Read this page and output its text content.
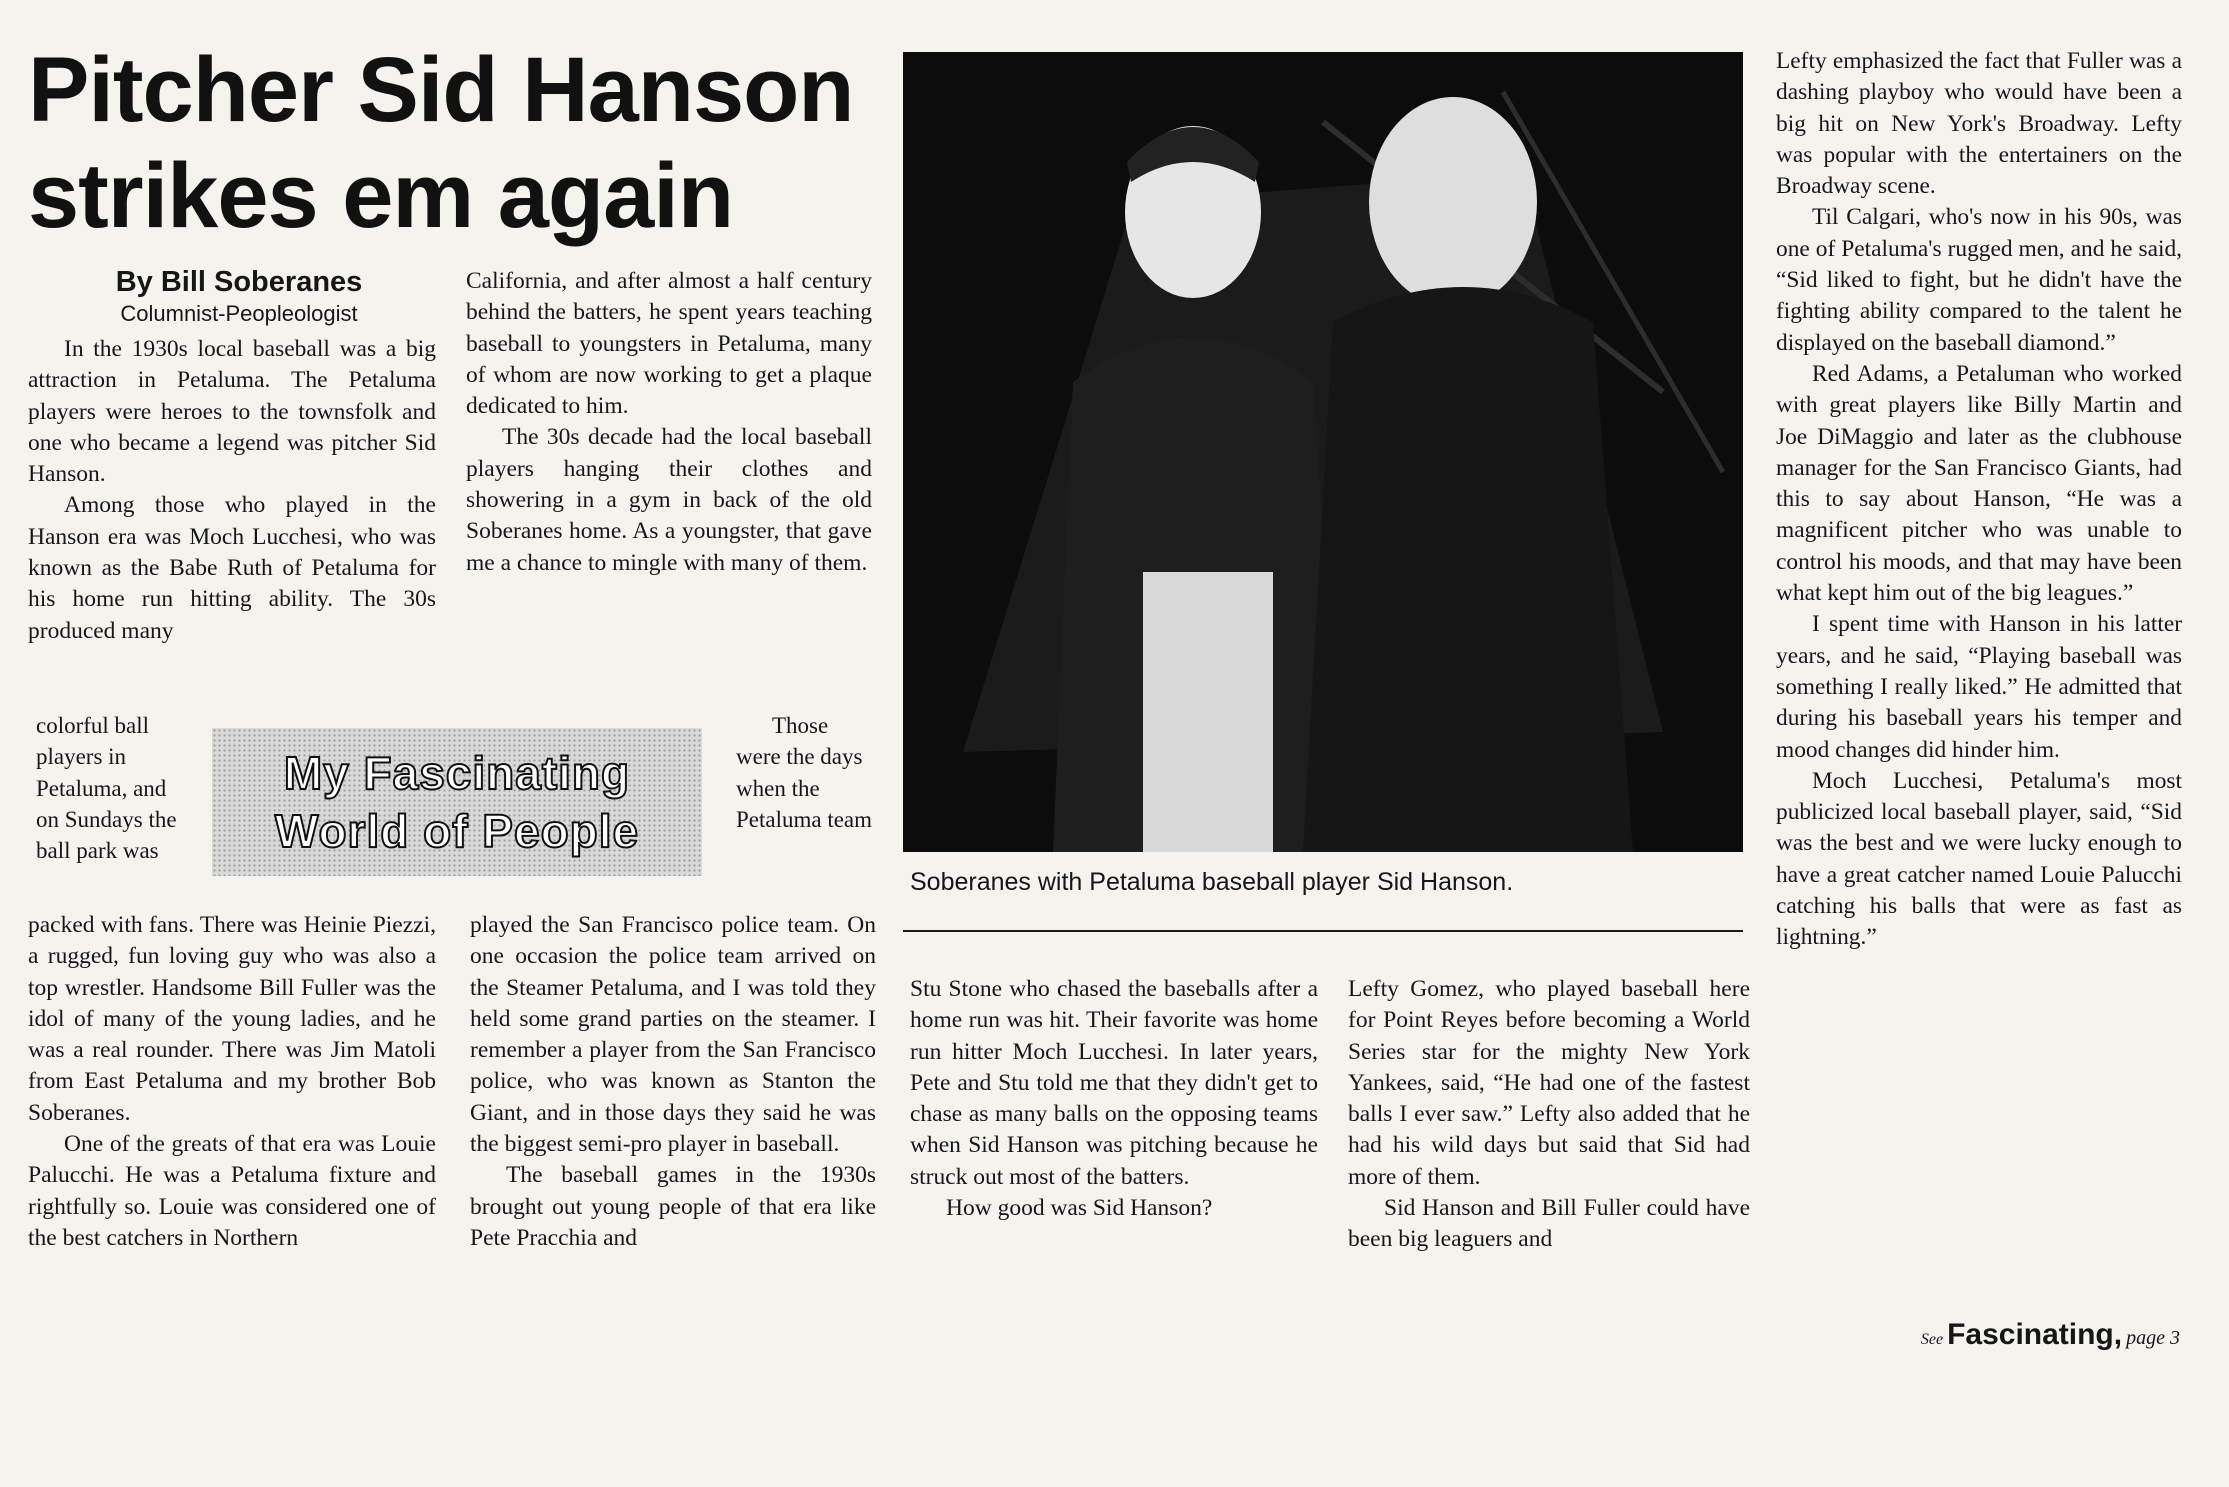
Pitcher Sid Hanson
strikes em again
By Bill Soberanes
Columnist-Peopleologist

In the 1930s local baseball was a big attraction in Petaluma. The Petaluma players were heroes to the townsfolk and one who became a legend was pitcher Sid Hanson.

Among those who played in the Hanson era was Moch Lucchesi, who was known as the Babe Ruth of Petaluma for his home run hitting ability. The 30s produced many

colorful ball players in Petaluma, and on Sundays the ball park was

My Fascinating
World of People

packed with fans. There was Heinie Piezzi, a rugged, fun loving guy who was also a top wrestler. Handsome Bill Fuller was the idol of many of the young ladies, and he was a real rounder. There was Jim Matoli from East Petaluma and my brother Bob Soberanes.

One of the greats of that era was Louie Palucchi. He was a Petaluma fixture and rightfully so. Louie was considered one of the best catchers in Northern

California, and after almost a half century behind the batters, he spent years teaching baseball to youngsters in Petaluma, many of whom are now working to get a plaque dedicated to him.

The 30s decade had the local baseball players hanging their clothes and showering in a gym in back of the old Soberanes home. As a youngster, that gave me a chance to mingle with many of them.

Those were the days when the Petaluma team

played the San Francisco police team. On one occasion the police team arrived on the Steamer Petaluma, and I was told they held some grand parties on the steamer. I remember a player from the San Francisco police, who was known as Stanton the Giant, and in those days they said he was the biggest semi-pro player in baseball.

The baseball games in the 1930s brought out young people of that era like Pete Pracchia and

Soberanes with Petaluma baseball player Sid Hanson.

Stu Stone who chased the baseballs after a home run was hit. Their favorite was home run hitter Moch Lucchesi. In later years, Pete and Stu told me that they didn't get to chase as many balls on the opposing teams when Sid Hanson was pitching because he struck out most of the batters.

How good was Sid Hanson?

Lefty Gomez, who played baseball here for Point Reyes before becoming a World Series star for the mighty New York Yankees, said, “He had one of the fastest balls I ever saw.” Lefty also added that he had his wild days but said that Sid had more of them.

Sid Hanson and Bill Fuller could have been big leaguers and

Lefty emphasized the fact that Fuller was a dashing playboy who would have been a big hit on New York's Broadway. Lefty was popular with the entertainers on the Broadway scene.

Til Calgari, who's now in his 90s, was one of Petaluma's rugged men, and he said, “Sid liked to fight, but he didn't have the fighting ability compared to the talent he displayed on the baseball diamond.”

Red Adams, a Petaluman who worked with great players like Billy Martin and Joe DiMaggio and later as the clubhouse manager for the San Francisco Giants, had this to say about Hanson, “He was a magnificent pitcher who was unable to control his moods, and that may have been what kept him out of the big leagues.”

I spent time with Hanson in his latter years, and he said, “Playing baseball was something I really liked.” He admitted that during his baseball years his temper and mood changes did hinder him.

Moch Lucchesi, Petaluma's most publicized local baseball player, said, “Sid was the best and we were lucky enough to have a great catcher named Louie Palucchi catching his balls that were as fast as lightning.”

See Fascinating, page 3
